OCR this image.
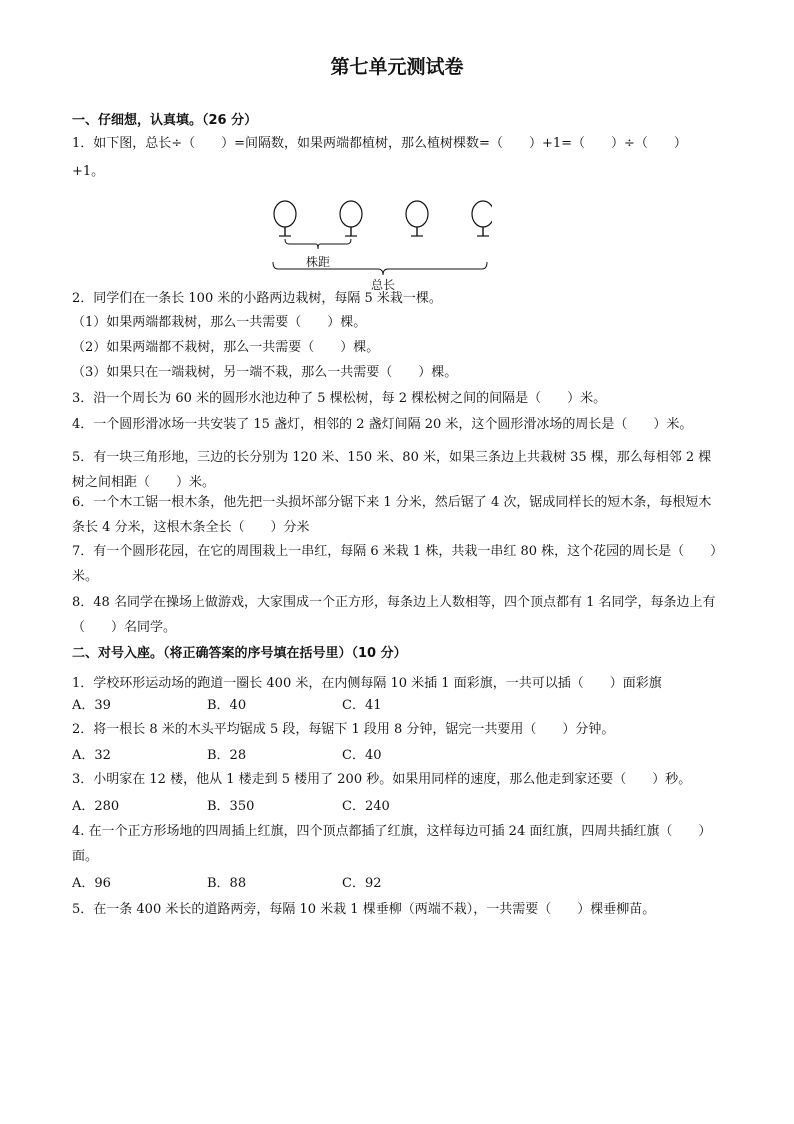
第七单元测试卷
一、仔细想，认真填。（26 分）
1．如下图，总长÷（　　）=间隔数，如果两端都植树，那么植树棵数=（　　）+1=（　　）÷（　　）
+1。
株距
总长
2．同学们在一条长 100 米的小路两边栽树，每隔 5 米栽一棵。
（1）如果两端都栽树，那么一共需要（　　）棵。
（2）如果两端都不栽树，那么一共需要（　　）棵。
（3）如果只在一端栽树，另一端不栽，那么一共需要（　　）棵。
3．沿一个周长为 60 米的圆形水池边种了 5 棵松树，每 2 棵松树之间的间隔是（　　）米。
4．一个圆形滑冰场一共安装了 15 盏灯，相邻的 2 盏灯间隔 20 米，这个圆形滑冰场的周长是（　　）米。
5．有一块三角形地，三边的长分别为 120 米、150 米、80 米，如果三条边上共栽树 35 棵，那么每相邻 2 棵树之间相距（　　）米。
6．一个木工锯一根木条，他先把一头损坏部分锯下来 1 分米，然后锯了 4 次，锯成同样长的短木条，每根短木条长 4 分米，这根木条全长（　　）分米
7．有一个圆形花园，在它的周围栽上一串红，每隔 6 米栽 1 株，共栽一串红 80 株，这个花园的周长是（　　）米。
8．48 名同学在操场上做游戏，大家围成一个正方形，每条边上人数相等，四个顶点都有 1 名同学，每条边上有（　　）名同学。
二、对号入座。（将正确答案的序号填在括号里）（10 分）
1．学校环形运动场的跑道一圈长 400 米，在内侧每隔 10 米插 1 面彩旗，一共可以插（　　）面彩旗
A．39	B．40	C．41
2．将一根长 8 米的木头平均锯成 5 段，每锯下 1 段用 8 分钟，锯完一共要用（　　）分钟。
A．32	B．28	C．40
3．小明家在 12 楼，他从 1 楼走到 5 楼用了 200 秒。如果用同样的速度，那么他走到家还要（　　）秒。
A．280	B．350	C．240
4. 在一个正方形场地的四周插上红旗，四个顶点都插了红旗，这样每边可插 24 面红旗，四周共插红旗（　　）
面。
A．96	B．88	C．92
5．在一条 400 米长的道路两旁，每隔 10 米栽 1 棵垂柳（两端不栽），一共需要（　　）棵垂柳苗。
